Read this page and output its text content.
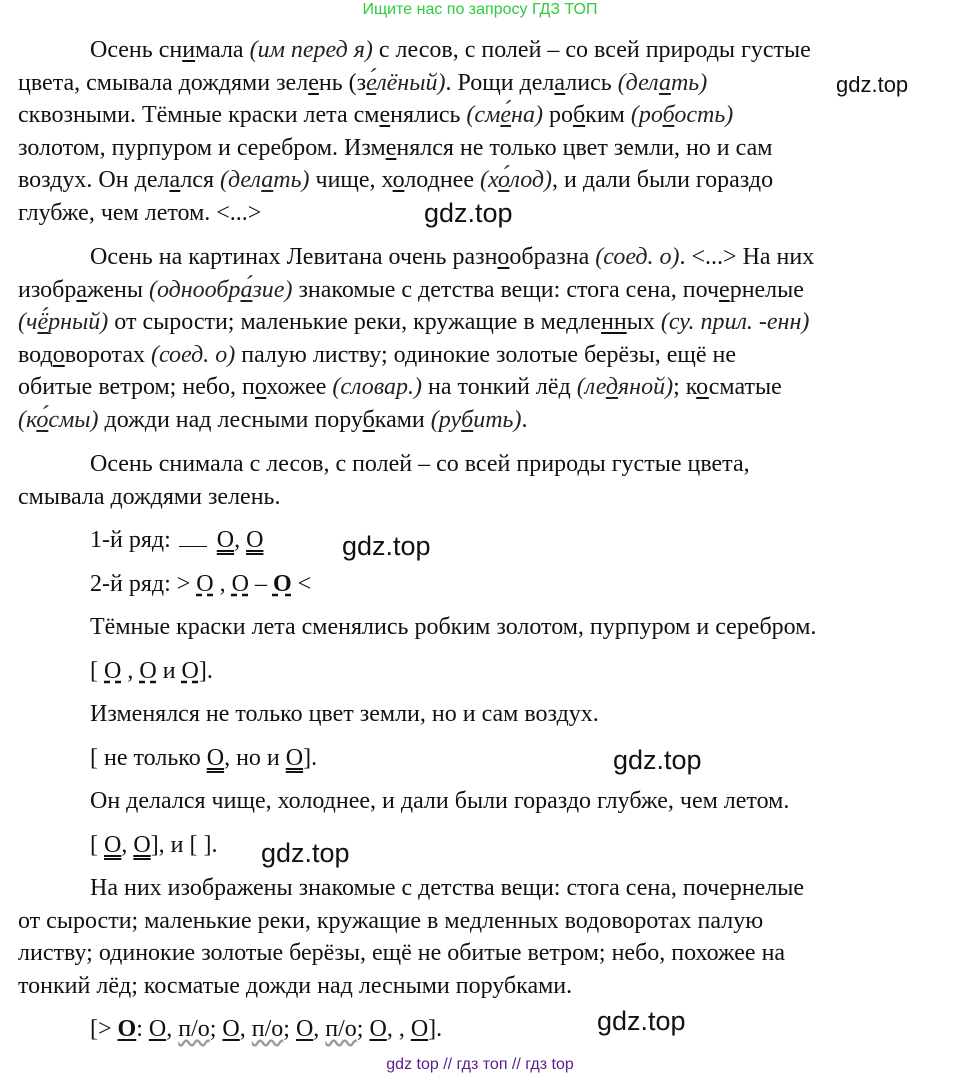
Ищите нас по запросу ГДЗ ТОП
Осень снимала (им перед я) с лесов, с полей – со всей природы густые
цвета, смывала дождями зелень (зе́лёный). Рощи делались (делать)
сквозными. Тёмные краски лета сменялись (сме́на) робким (робость)
золотом, пурпуром и серебром. Изменялся не только цвет земли, но и сам
воздух. Он делался (делать) чище, холоднее (хо́лод), и дали были гораздо
глубже, чем летом. <...>
Осень на картинах Левитана очень разнообразна (соед. о). <...> На них
изображены (однообра́зие) знакомые с детства вещи: стога сена, почернелые
(чё́рный) от сырости; маленькие реки, кружащие в медленных (су. прил. -енн)
водоворотах (соед. о) палую листву; одинокие золотые берёзы, ещё не
обитые ветром; небо, похожее (словар.) на тонкий лёд (ледяной); косматые
(ко́смы) дожди над лесными порубками (рубить).
Осень снимала с лесов, с полей – со всей природы густые цвета,
смывала дождями зелень.
1-й ряд:  О, О
2-й ряд: > О , О – О <
Тёмные краски лета сменялись робким золотом, пурпуром и серебром.
[ О , О и О].
Изменялся не только цвет земли, но и сам воздух.
[ не только О, но и О].
Он делался чище, холоднее, и дали были гораздо глубже, чем летом.
[ О, О], и [ ].
На них изображены знакомые с детства вещи: стога сена, почернелые
от сырости; маленькие реки, кружащие в медленных водоворотах палую
листву; одинокие золотые берёзы, ещё не обитые ветром; небо, похожее на
тонкий лёд; косматые дожди над лесными порубками.
[> О: О, п/о; О, п/о; О, п/о; О, , О].
gdz.top
gdz.top
gdz.top
gdz.top
gdz.top
gdz.top
gdz top // гдз топ // гдз top
